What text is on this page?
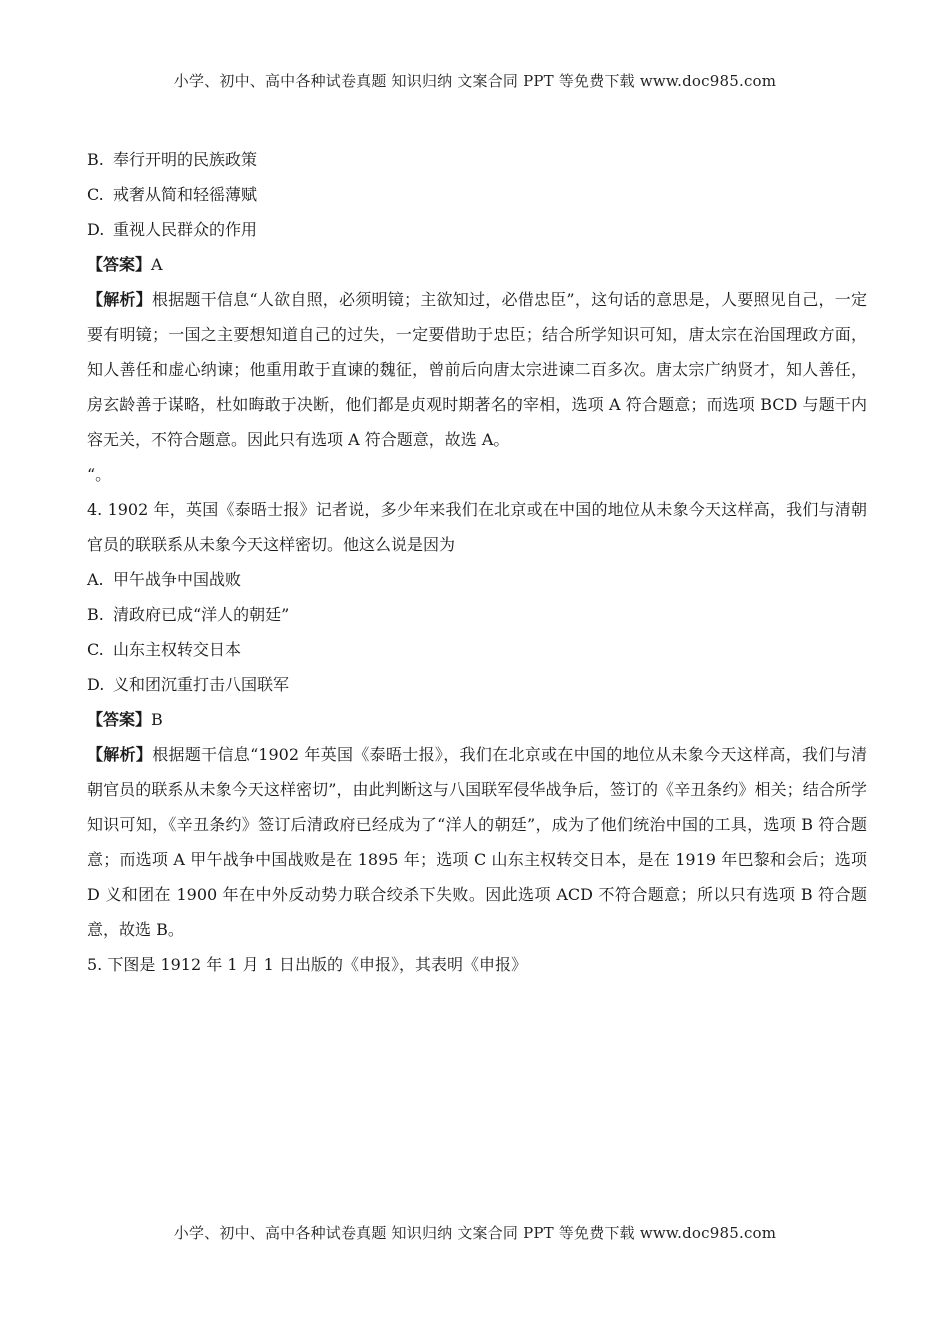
小学、初中、高中各种试卷真题 知识归纳 文案合同 PPT 等免费下载 www.doc985.com
B. 奉行开明的民族政策
C. 戒奢从简和轻徭薄赋
D. 重视人民群众的作用
【答案】A
【解析】根据题干信息“人欲自照，必须明镜；主欲知过，必借忠臣”，这句话的意思是，人要照见自己，一定要有明镜；一国之主要想知道自己的过失，一定要借助于忠臣；结合所学知识可知，唐太宗在治国理政方面，知人善任和虚心纳谏；他重用敢于直谏的魏征，曾前后向唐太宗进谏二百多次。唐太宗广纳贤才，知人善任，房玄龄善于谋略，杜如晦敢于决断，他们都是贞观时期著名的宰相，选项 A 符合题意；而选项 BCD 与题干内容无关，不符合题意。因此只有选项 A 符合题意，故选 A。
“。
4. 1902 年，英国《泰晤士报》记者说，多少年来我们在北京或在中国的地位从未象今天这样高，我们与清朝官员的联联系从未象今天这样密切。他这么说是因为
A. 甲午战争中国战败
B. 清政府已成“洋人的朝廷”
C. 山东主权转交日本
D. 义和团沉重打击八国联军
【答案】B
【解析】根据题干信息“1902 年英国《泰晤士报》，我们在北京或在中国的地位从未象今天这样高，我们与清朝官员的联系从未象今天这样密切”，由此判断这与八国联军侵华战争后，签订的《辛丑条约》相关；结合所学知识可知，《辛丑条约》签订后清政府已经成为了“洋人的朝廷”，成为了他们统治中国的工具，选项 B 符合题意；而选项 A 甲午战争中国战败是在 1895 年；选项 C 山东主权转交日本，是在 1919 年巴黎和会后；选项 D 义和团在 1900 年在中外反动势力联合绞杀下失败。因此选项 ACD 不符合题意；所以只有选项 B 符合题意，故选 B。
5. 下图是 1912 年 1 月 1 日出版的《申报》，其表明《申报》
小学、初中、高中各种试卷真题 知识归纳 文案合同 PPT 等免费下载 www.doc985.com
